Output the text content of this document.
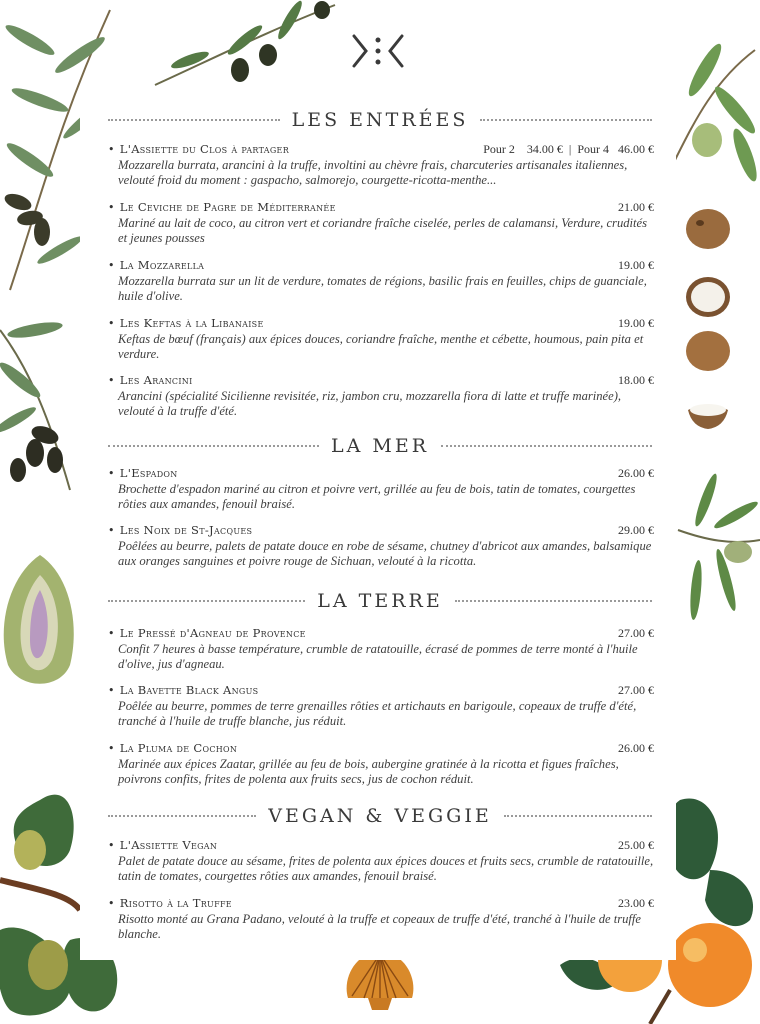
LES ENTRÉES
• L'Assiette du Clos à partager	Pour 2    34.00 €  |  Pour 4   46.00 €

Mozzarella burrata, arancini à la truffe, involtini au chèvre frais, charcuteries artisanales italiennes, velouté froid du moment : gaspacho, salmorejo, courgette-ricotta-menthe...

• Le Ceviche de Pagre de Méditerranée	21.00 €

Mariné au lait de coco, au citron vert et coriandre fraîche ciselée, perles de calamansi, Verdure, crudités et jeunes pousses

• La Mozzarella	19.00 €

Mozzarella burrata sur un lit de verdure, tomates de régions, basilic frais en feuilles, chips de guanciale, huile d'olive.

• Les Keftas à la Libanaise	19.00 €

Keftas de bœuf (français) aux épices douces, coriandre fraîche, menthe et cébette, houmous, pain pita et verdure.

• Les Arancini	18.00 €

Arancini (spécialité Sicilienne revisitée, riz, jambon cru, mozzarella fiora di latte et truffe marinée), velouté à la truffe d'été.

LA MER
• L'Espadon	26.00 €

Brochette d'espadon mariné au citron et poivre vert, grillée au feu de bois, tatin de tomates, courgettes rôties aux amandes, fenouil braisé.

• Les Noix de St-Jacques	29.00 €

Poêlées au beurre, palets de patate douce en robe de sésame, chutney d'abricot aux amandes, balsamique aux oranges sanguines et poivre rouge de Sichuan, velouté à la ricotta.

LA TERRE
• Le Pressé d'Agneau de Provence	27.00 €

Confit 7 heures à basse température, crumble de ratatouille, écrasé de pommes de terre monté à l'huile d'olive, jus d'agneau.

• La Bavette Black Angus	27.00 €

Poêlée au beurre, pommes de terre grenailles rôties et artichauts en barigoule, copeaux de truffe d'été, tranché à l'huile de truffe blanche, jus réduit.

• La Pluma de Cochon	26.00 €

Marinée aux épices Zaatar, grillée au feu de bois, aubergine gratinée à la ricotta et figues fraîches, poivrons confits, frites de polenta aux fruits secs, jus de cochon réduit.

VEGAN & VEGGIE
• L'Assiette Vegan	25.00 €

Palet de patate douce au sésame, frites de polenta aux épices douces et fruits secs, crumble de ratatouille, tatin de tomates, courgettes rôties aux amandes, fenouil braisé.

• Risotto à la Truffe	23.00 €

Risotto monté au Grana Padano, velouté à la truffe et copeaux de truffe d'été, tranché à l'huile de truffe blanche.
